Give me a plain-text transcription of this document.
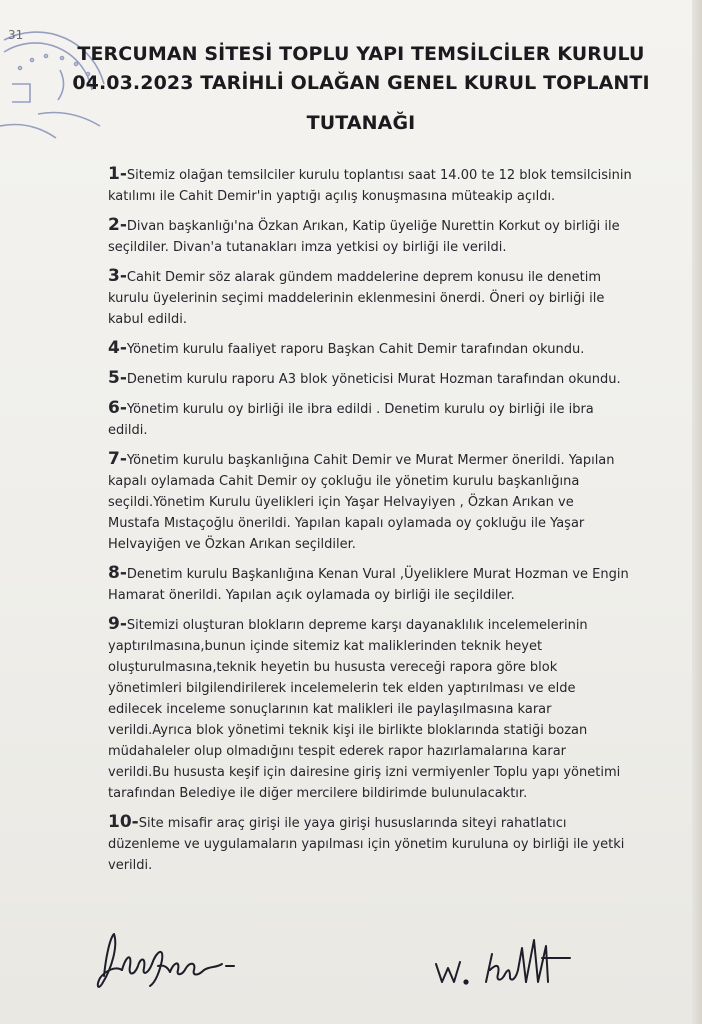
31
TERCUMAN SİTESİ TOPLU YAPI TEMSİLCİLER KURULU
04.03.2023 TARİHLİ OLAĞAN GENEL KURUL TOPLANTI
TUTANAĞI
1-Sitemiz olağan temsilciler kurulu toplantısı saat 14.00 te 12 blok temsilcisinin
katılımı ile Cahit Demir'in yaptığı açılış konuşmasına müteakip açıldı.
2-Divan başkanlığı'na Özkan Arıkan, Katip üyeliğe Nurettin Korkut oy birliği ile
seçildiler. Divan'a tutanakları imza yetkisi oy birliği ile verildi.
3-Cahit Demir söz alarak gündem maddelerine deprem konusu ile denetim
kurulu üyelerinin seçimi maddelerinin eklenmesini önerdi. Öneri oy birliği ile
kabul edildi.
4-Yönetim kurulu faaliyet raporu Başkan Cahit Demir tarafından okundu.
5-Denetim kurulu raporu A3 blok yöneticisi Murat Hozman tarafından okundu.
6-Yönetim kurulu oy birliği ile ibra edildi . Denetim kurulu oy birliği ile ibra
edildi.
7-Yönetim kurulu başkanlığına Cahit Demir ve Murat Mermer önerildi. Yapılan
kapalı oylamada Cahit Demir oy çokluğu ile yönetim kurulu başkanlığına
seçildi.Yönetim Kurulu üyelikleri için Yaşar Helvayiyen , Özkan Arıkan ve
Mustafa Mıstaçoğlu önerildi. Yapılan kapalı oylamada oy çokluğu ile Yaşar
Helvayiğen ve Özkan Arıkan seçildiler.
8-Denetim kurulu Başkanlığına Kenan Vural ,Üyeliklere Murat Hozman ve Engin
Hamarat önerildi. Yapılan açık oylamada oy birliği ile seçildiler.
9-Sitemizi oluşturan blokların depreme karşı dayanaklılık incelemelerinin
yaptırılmasına,bunun içinde sitemiz kat maliklerinden teknik heyet
oluşturulmasına,teknik heyetin bu hususta vereceği rapora göre blok
yönetimleri bilgilendirilerek incelemelerin tek elden yaptırılması ve elde
edilecek inceleme sonuçlarının kat malikleri ile paylaşılmasına karar
verildi.Ayrıca blok yönetimi teknik kişi ile birlikte bloklarında statiği bozan
müdahaleler olup olmadığını tespit ederek rapor hazırlamalarına karar
verildi.Bu hususta keşif için dairesine giriş izni vermiyenler Toplu yapı yönetimi
tarafından Belediye ile diğer mercilere bildirimde bulunulacaktır.
10-Site misafir araç girişi ile yaya girişi hususlarında siteyi rahatlatıcı
düzenleme ve uygulamaların yapılması için yönetim kuruluna oy birliği ile yetki
verildi.
